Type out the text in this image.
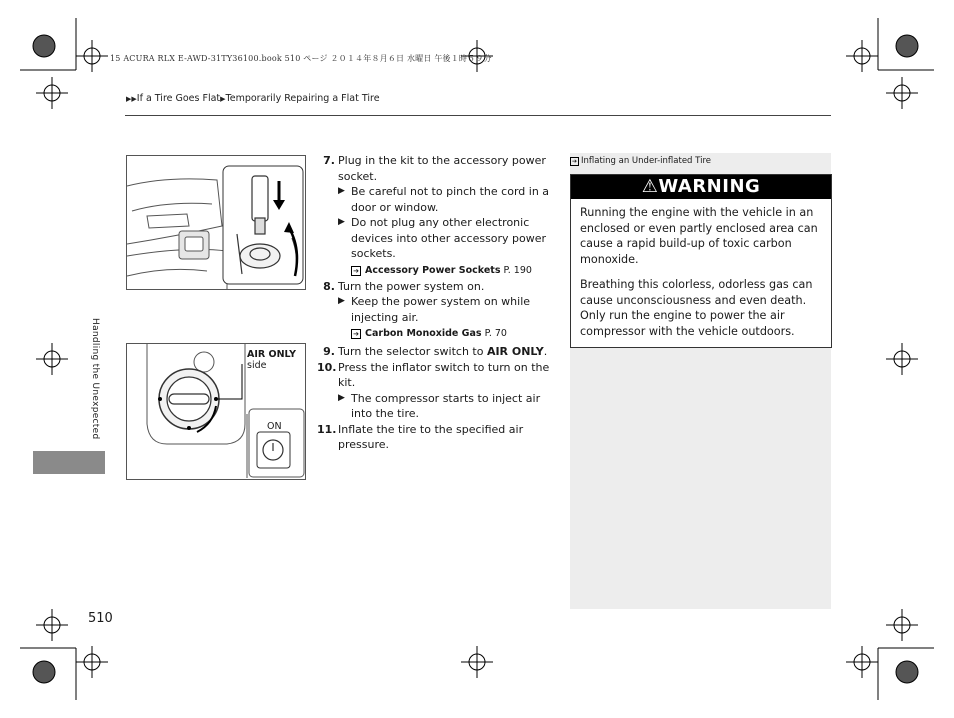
15 ACURA RLX E-AWD-31TY36100.book 510 ページ ２０１４年８月６日 水曜日 午後１時５９分
▶▶If a Tire Goes Flat▶Temporarily Repairing a Flat Tire
Handling the Unexpected
510
AIR ONLY
side
ON
7. Plug in the kit to the accessory power socket.
▶ Be careful not to pinch the cord in a door or window.
▶ Do not plug any other electronic devices into other accessory power sockets.
➔ Accessory Power Sockets P. 190
8. Turn the power system on.
▶ Keep the power system on while injecting air.
➔ Carbon Monoxide Gas P. 70
9. Turn the selector switch to AIR ONLY.
10. Press the inflator switch to turn on the kit.
▶ The compressor starts to inject air into the tire.
11. Inflate the tire to the specified air pressure.
➔ Inflating an Under-inflated Tire
⚠WARNING

Running the engine with the vehicle in an enclosed or even partly enclosed area can cause a rapid build-up of toxic carbon monoxide.

Breathing this colorless, odorless gas can cause unconsciousness and even death. Only run the engine to power the air compressor with the vehicle outdoors.
